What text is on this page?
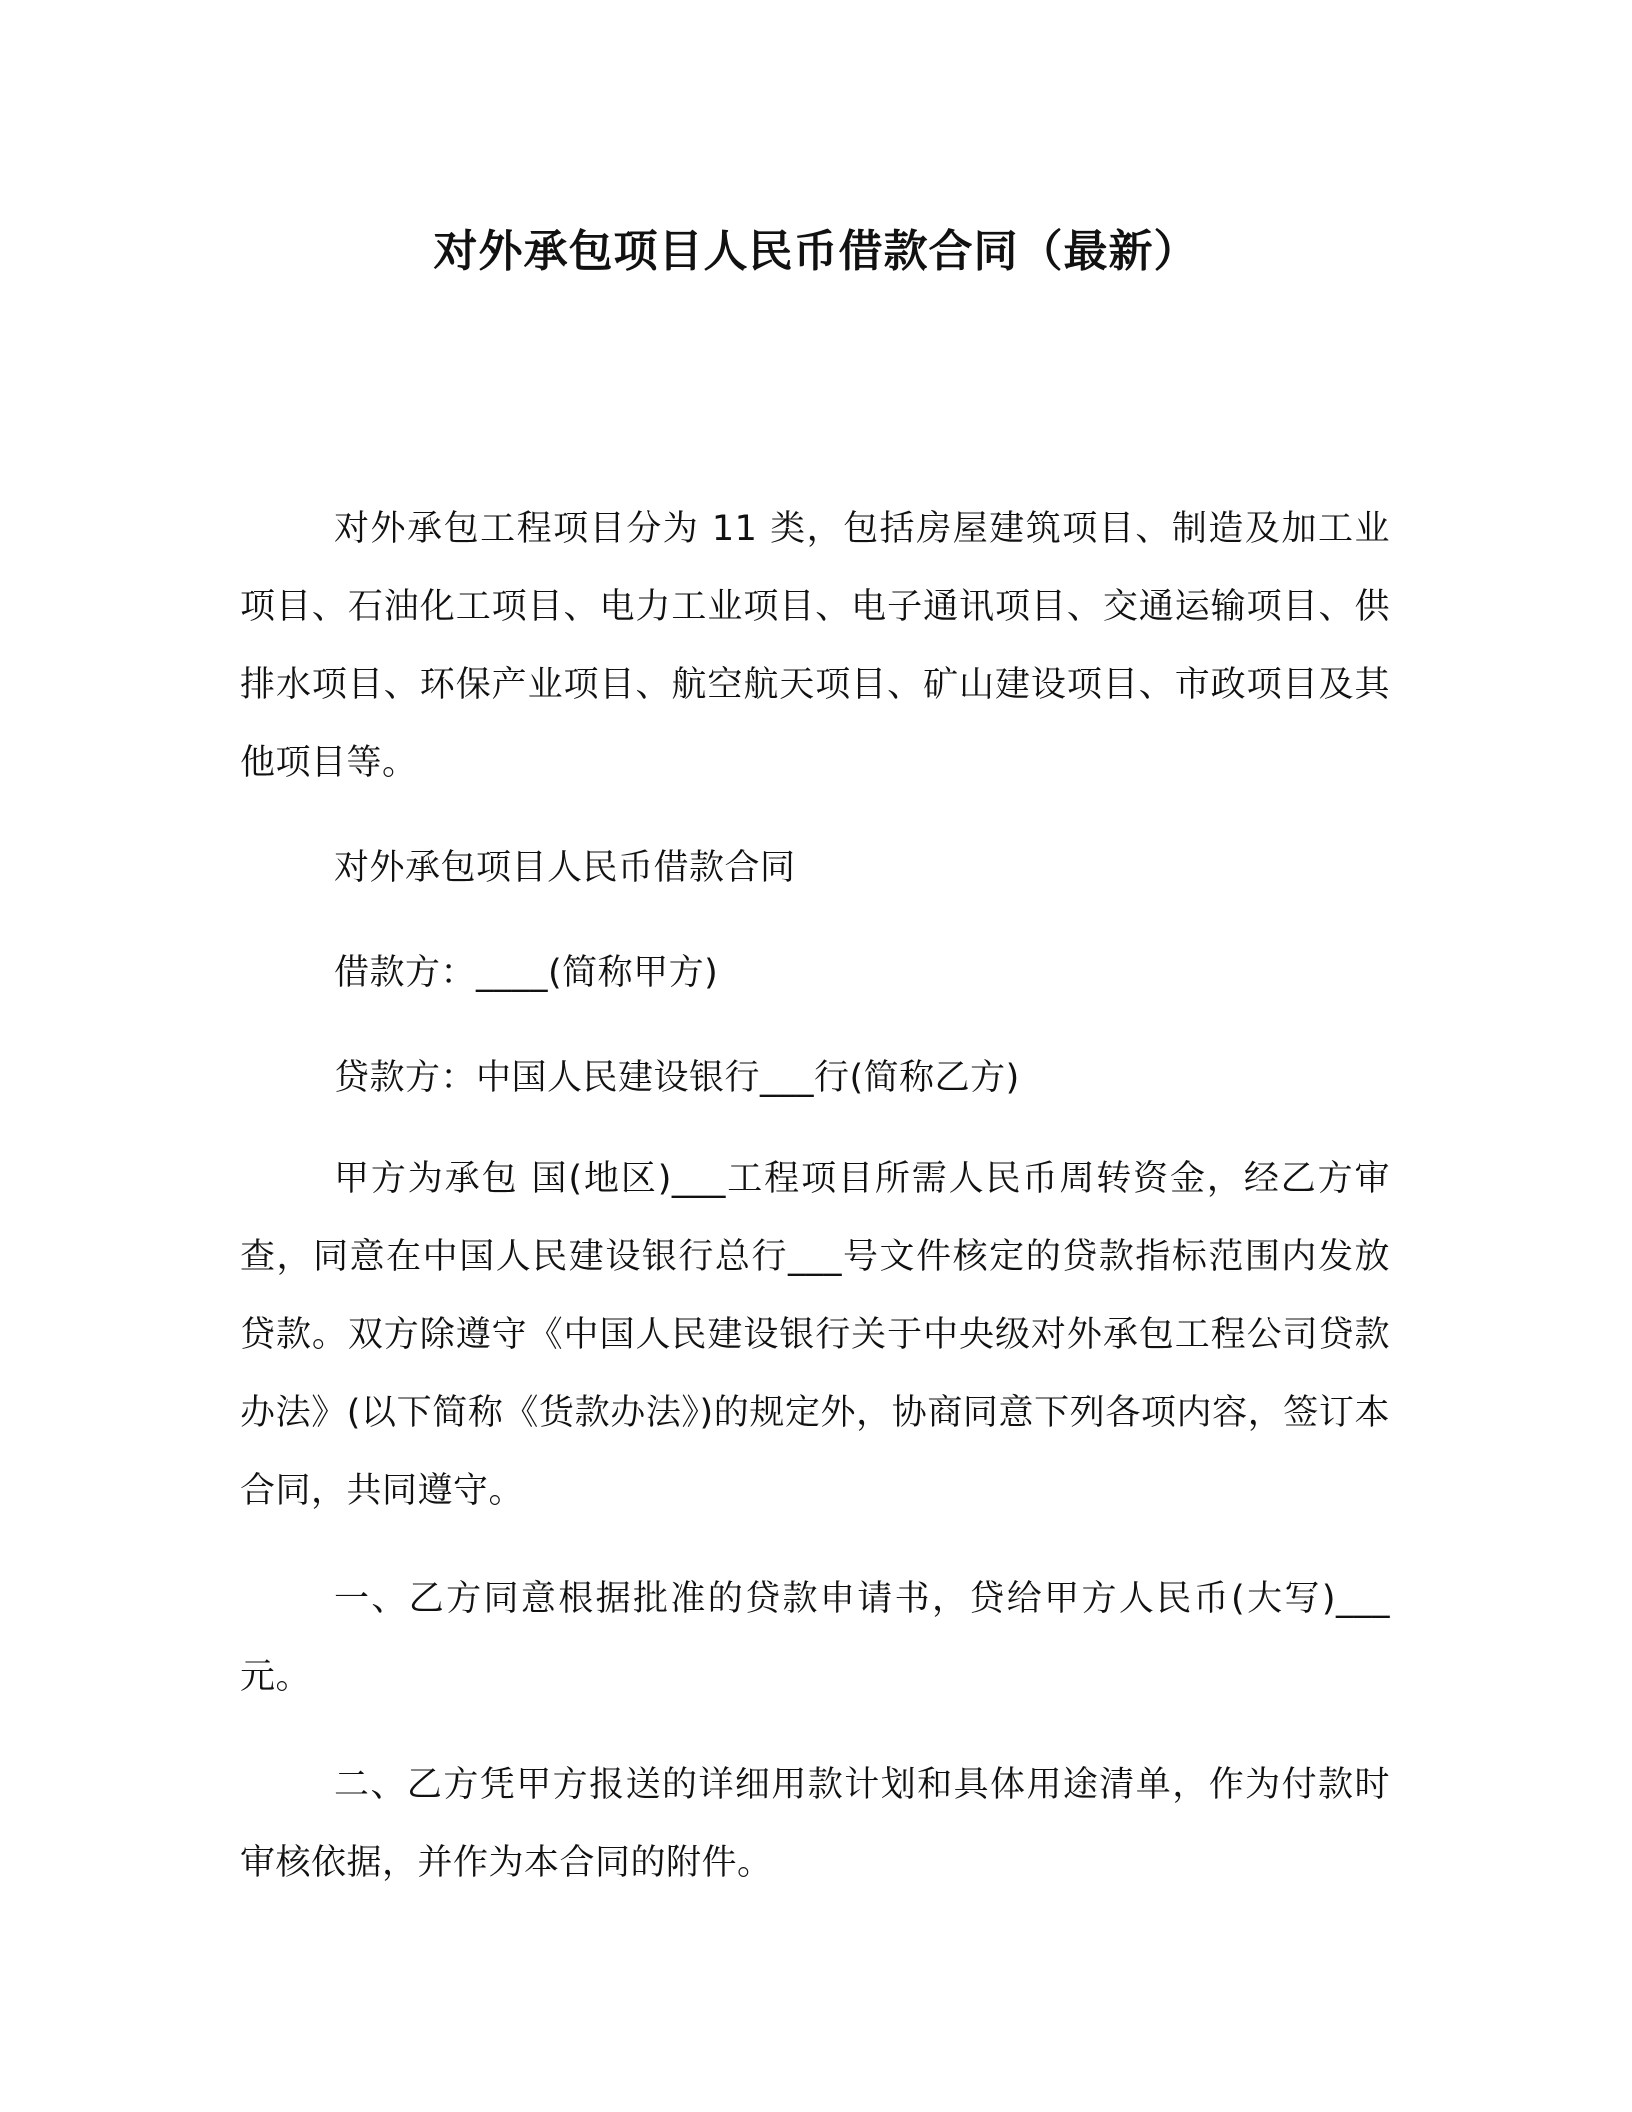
对外承包项目人民币借款合同（最新）

对外承包工程项目分为 11 类，包括房屋建筑项目、制造及加工业项目、石油化工项目、电力工业项目、电子通讯项目、交通运输项目、供排水项目、环保产业项目、航空航天项目、矿山建设项目、市政项目及其他项目等。

对外承包项目人民币借款合同

借款方：____(简称甲方)

贷款方：中国人民建设银行___行(简称乙方)

甲方为承包 国(地区)___工程项目所需人民币周转资金，经乙方审查，同意在中国人民建设银行总行___号文件核定的贷款指标范围内发放贷款。双方除遵守《中国人民建设银行关于中央级对外承包工程公司贷款办法》(以下简称《货款办法》)的规定外，协商同意下列各项内容，签订本合同，共同遵守。

一、乙方同意根据批准的贷款申请书，贷给甲方人民币(大写)___元。

二、乙方凭甲方报送的详细用款计划和具体用途清单，作为付款时审核依据，并作为本合同的附件。
